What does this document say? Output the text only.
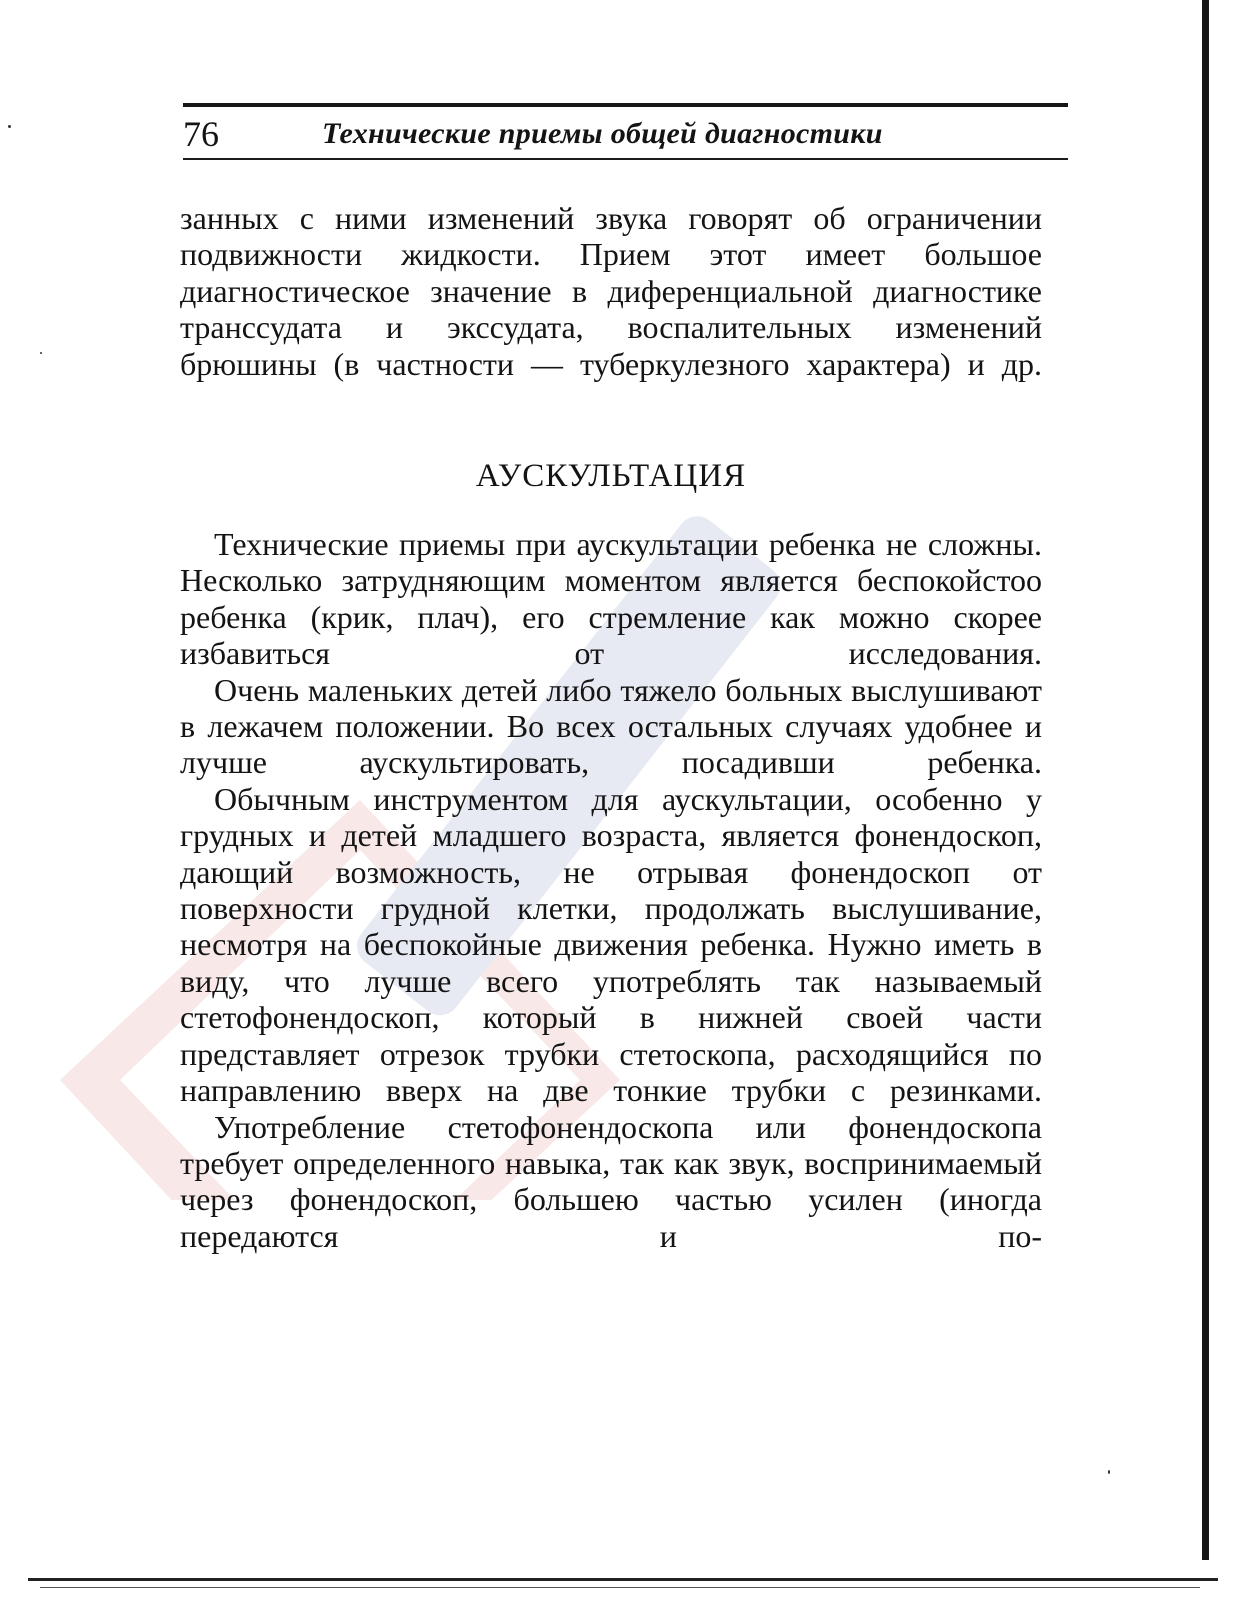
76	Технические приемы общей диагностики

занных с ними изменений звука говорят об ограничении подвижности жидкости. Прием этот имеет большое диагностическое значение в диференциальной диагностике транссудата и экссудата, воспалительных изменений брюшины (в частности — туберкулезного характера) и др.

АУСКУЛЬТАЦИЯ

Технические приемы при аускультации ребенка не сложны. Несколько затрудняющим моментом является беспокойстоо ребенка (крик, плач), его стремление как можно скорее избавиться от исследования.

Очень маленьких детей либо тяжело больных выслушивают в лежачем положении. Во всех остальных случаях удобнее и лучше аускультировать, посадивши ребенка.

Обычным инструментом для аускультации, особенно у грудных и детей младшего возраста, является фонендоскоп, дающий возможность, не отрывая фонендоскоп от поверхности грудной клетки, продолжать выслушивание, несмотря на беспокойные движения ребенка. Нужно иметь в виду, что лучше всего употреблять так называемый стетофонендоскоп, который в нижней своей части представляет отрезок трубки стетоскопа, расходящийся по направлению вверх на две тонкие трубки с резинками.

Употребление стетофонендоскопа или фонендоскопа требует определенного навыка, так как звук, воспринимаемый через фонендоскоп, большею частью усилен (иногда передаются и по-
